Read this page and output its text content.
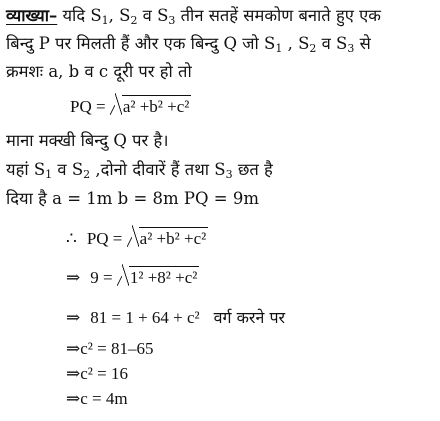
व्याख्या– यदि $S_1$, $S_2$ व $S_3$ तीन सतहें समकोण बनाते हुए एक
बिन्दु P पर मिलती हैं और एक बिन्दु Q जो $S_1$ , $S_2$ व $S_3$ से
क्रमशः a, b व c दूरी पर हो तो
PQ = a² +b² +c²
माना मक्खी बिन्दु Q पर है।
यहां $S_1$ व $S_2$ ,दोनो दीवारें हैं तथा $S_3$ छत है
दिया है a = 1m b = 8m PQ = 9m
∴ PQ = a² +b² +c²
⇒ 9 = 1² +8² +c²
⇒ 81 = 1 + 64 + c² वर्ग करने पर
⇒c² = 81–65
⇒c² = 16
⇒c = 4m
